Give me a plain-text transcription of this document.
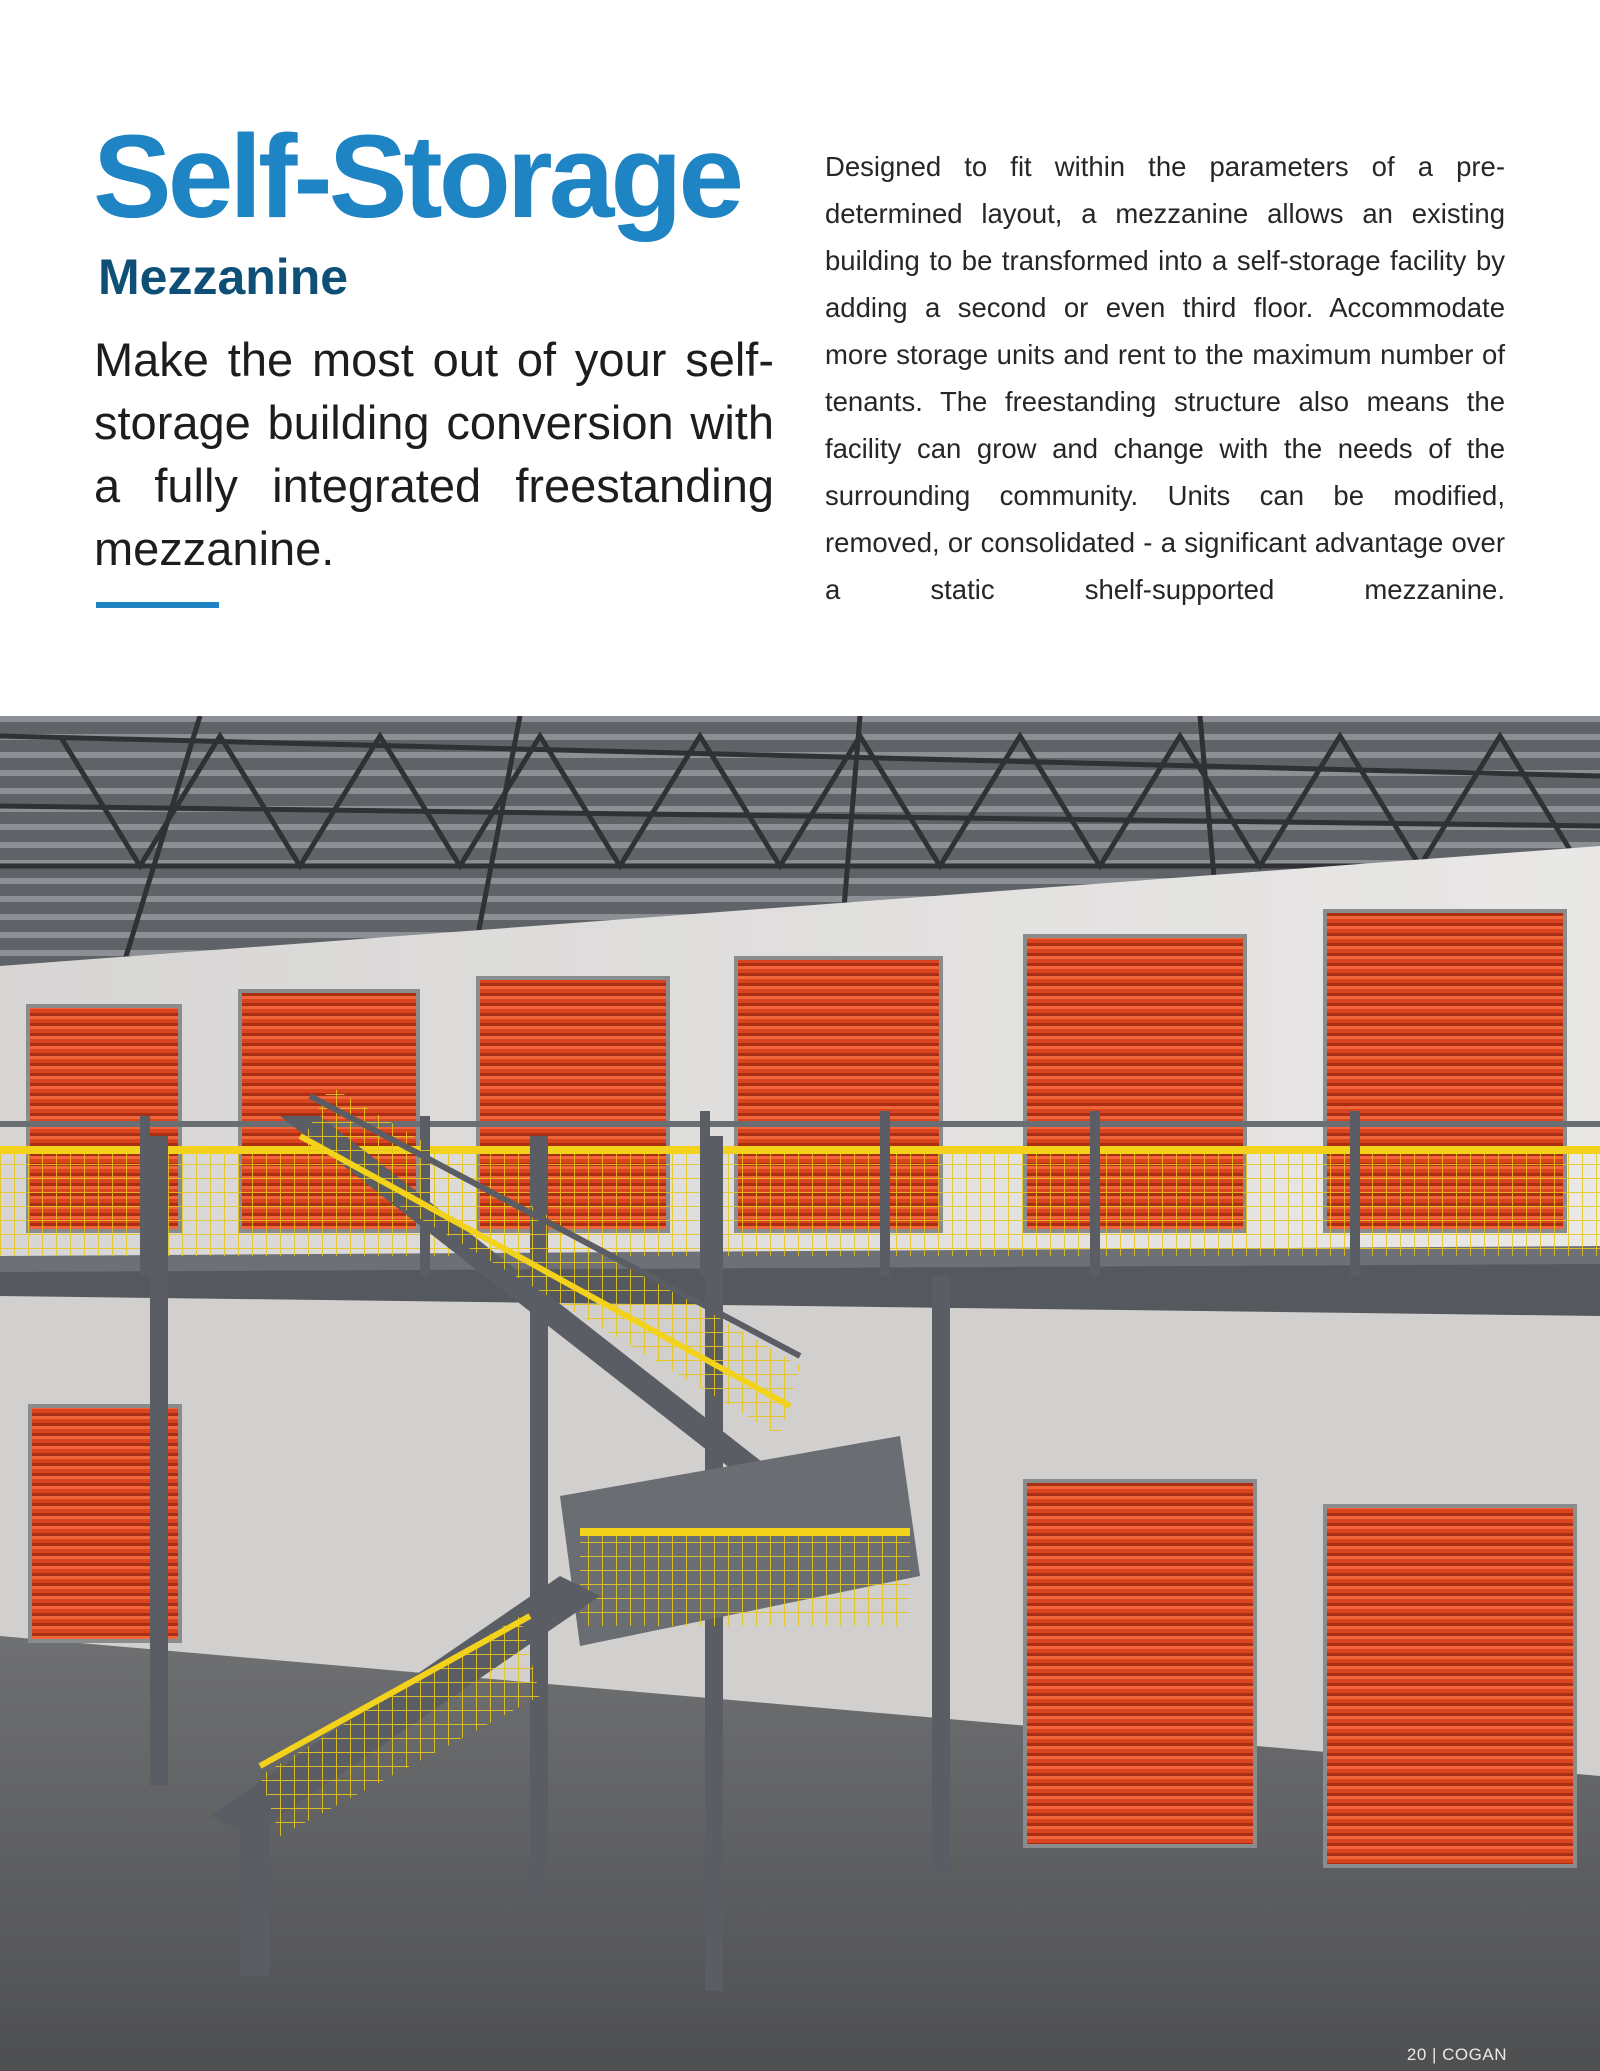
Self-Storage
Mezzanine

Make the most out of your self-storage building conversion with a fully integrated freestanding mezzanine.

Designed to fit within the parameters of a pre-determined layout, a mezzanine allows an existing building to be transformed into a self-storage facility by adding a second or even third floor. Accommodate more storage units and rent to the maximum number of tenants. The freestanding structure also means the facility can grow and change with the needs of the surrounding community. Units can be modified, removed, or consolidated - a significant advantage over a static shelf-supported mezzanine.

20 | COGAN
